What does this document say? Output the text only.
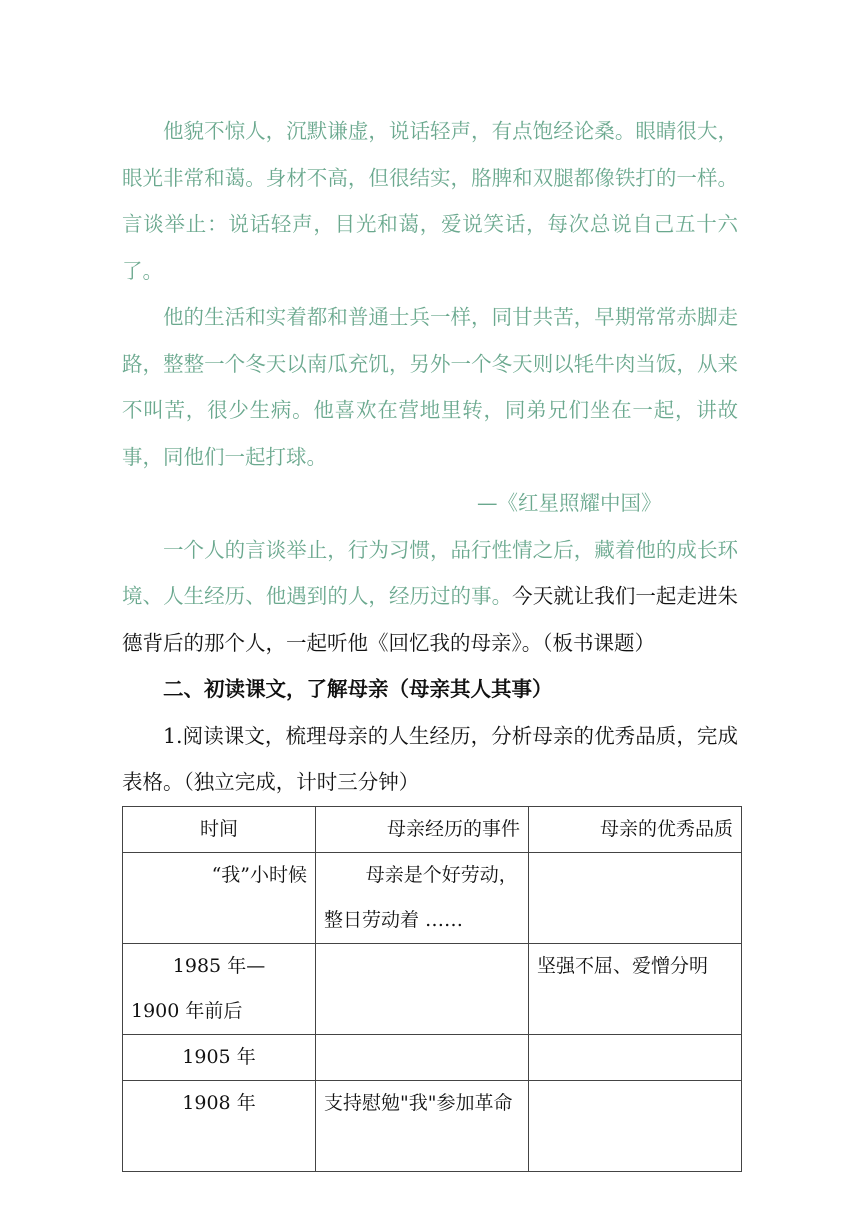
他貌不惊人，沉默谦虚，说话轻声，有点饱经论桑。眼睛很大，眼光非常和蔼。身材不高，但很结实，胳脾和双腿都像铁打的一样。言谈举止：说话轻声，目光和蔼，爱说笑话，每次总说自己五十六了。

他的生活和实着都和普通士兵一样，同甘共苦，早期常常赤脚走路，整整一个冬天以南瓜充饥，另外一个冬天则以牦牛肉当饭，从来不叫苦，很少生病。他喜欢在营地里转，同弟兄们坐在一起，讲故事，同他们一起打球。

—《红星照耀中国》

一个人的言谈举止，行为习惯，品行性情之后，藏着他的成长环境、人生经历、他遇到的人，经历过的事。今天就让我们一起走进朱德背后的那个人，一起听他《回忆我的母亲》。（板书课题）

二、初读课文，了解母亲（母亲其人其事）

1.阅读课文，梳理母亲的人生经历，分析母亲的优秀品质，完成表格。（独立完成，计时三分钟）

时间	母亲经历的事件	母亲的优秀品质
“我”小时候	母亲是个好劳动，整日劳动着 ……	
1985 年—1900 年前后		坚强不屈、爱憎分明
1905 年		
1908 年	支持慰勉"我"参加革命	
